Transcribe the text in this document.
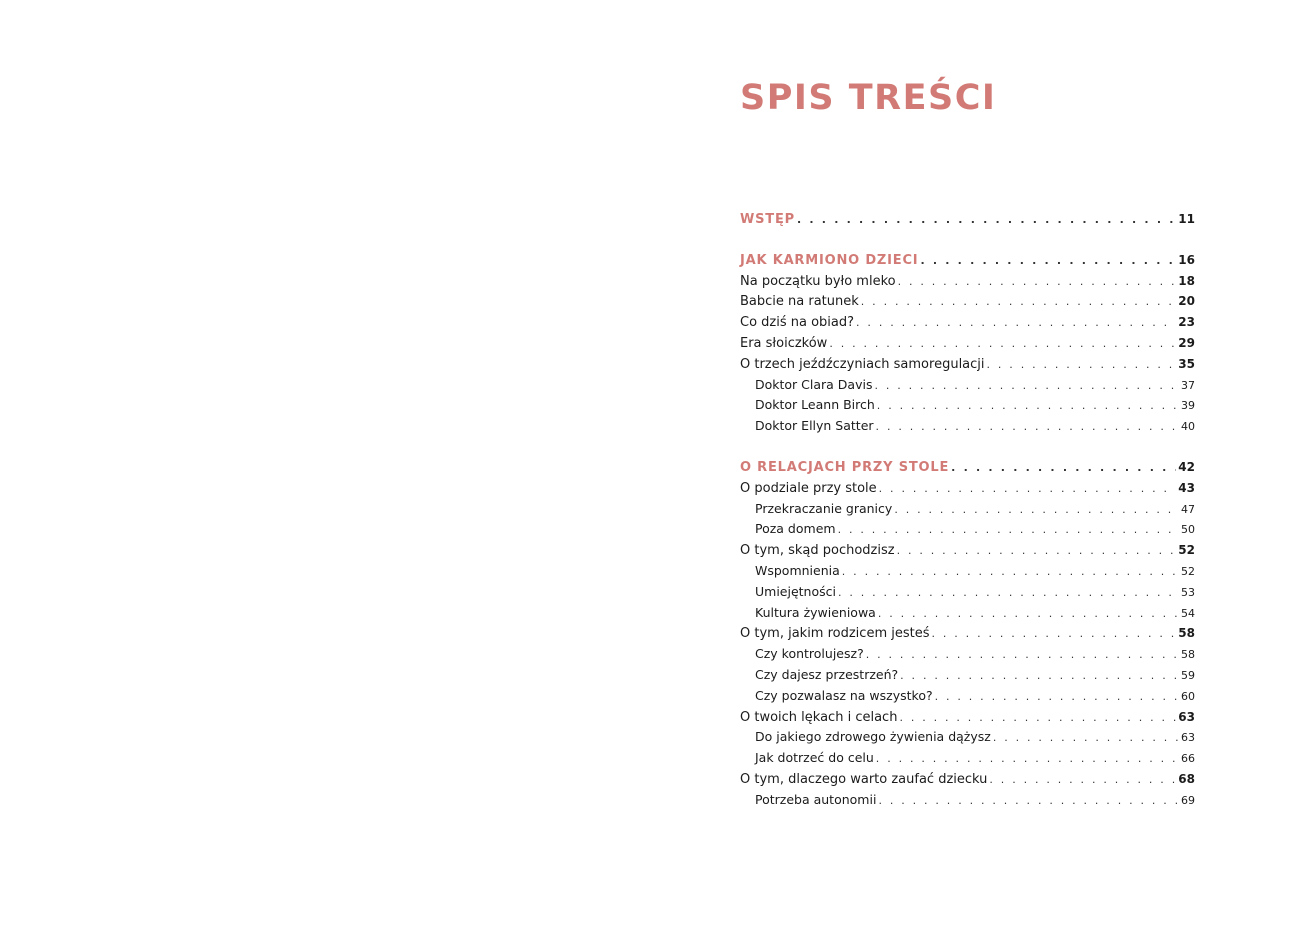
SPIS TREŚCI
WSTĘP . . .	11
JAK KARMIONO DZIECI . . .	16
Na początku było mleko . . .	18
Babcie na ratunek . . .	20
Co dziś na obiad? . . .	23
Era słoiczków . . .	29
O trzech jeźdźczyniach samoregulacji . . .	35
Doktor Clara Davis . . .	37
Doktor Leann Birch . . .	39
Doktor Ellyn Satter . . .	40
O RELACJACH PRZY STOLE . . .	42
O podziale przy stole . . .	43
Przekraczanie granicy . . .	47
Poza domem . . .	50
O tym, skąd pochodzisz . . .	52
Wspomnienia . . .	52
Umiejętności . . .	53
Kultura żywieniowa . . .	54
O tym, jakim rodzicem jesteś . . .	58
Czy kontrolujesz? . . .	58
Czy dajesz przestrzeń? . . .	59
Czy pozwalasz na wszystko? . . .	60
O twoich lękach i celach . . .	63
Do jakiego zdrowego żywienia dążysz . . .	63
Jak dotrzeć do celu . . .	66
O tym, dlaczego warto zaufać dziecku . . .	68
Potrzeba autonomii . . .	69
